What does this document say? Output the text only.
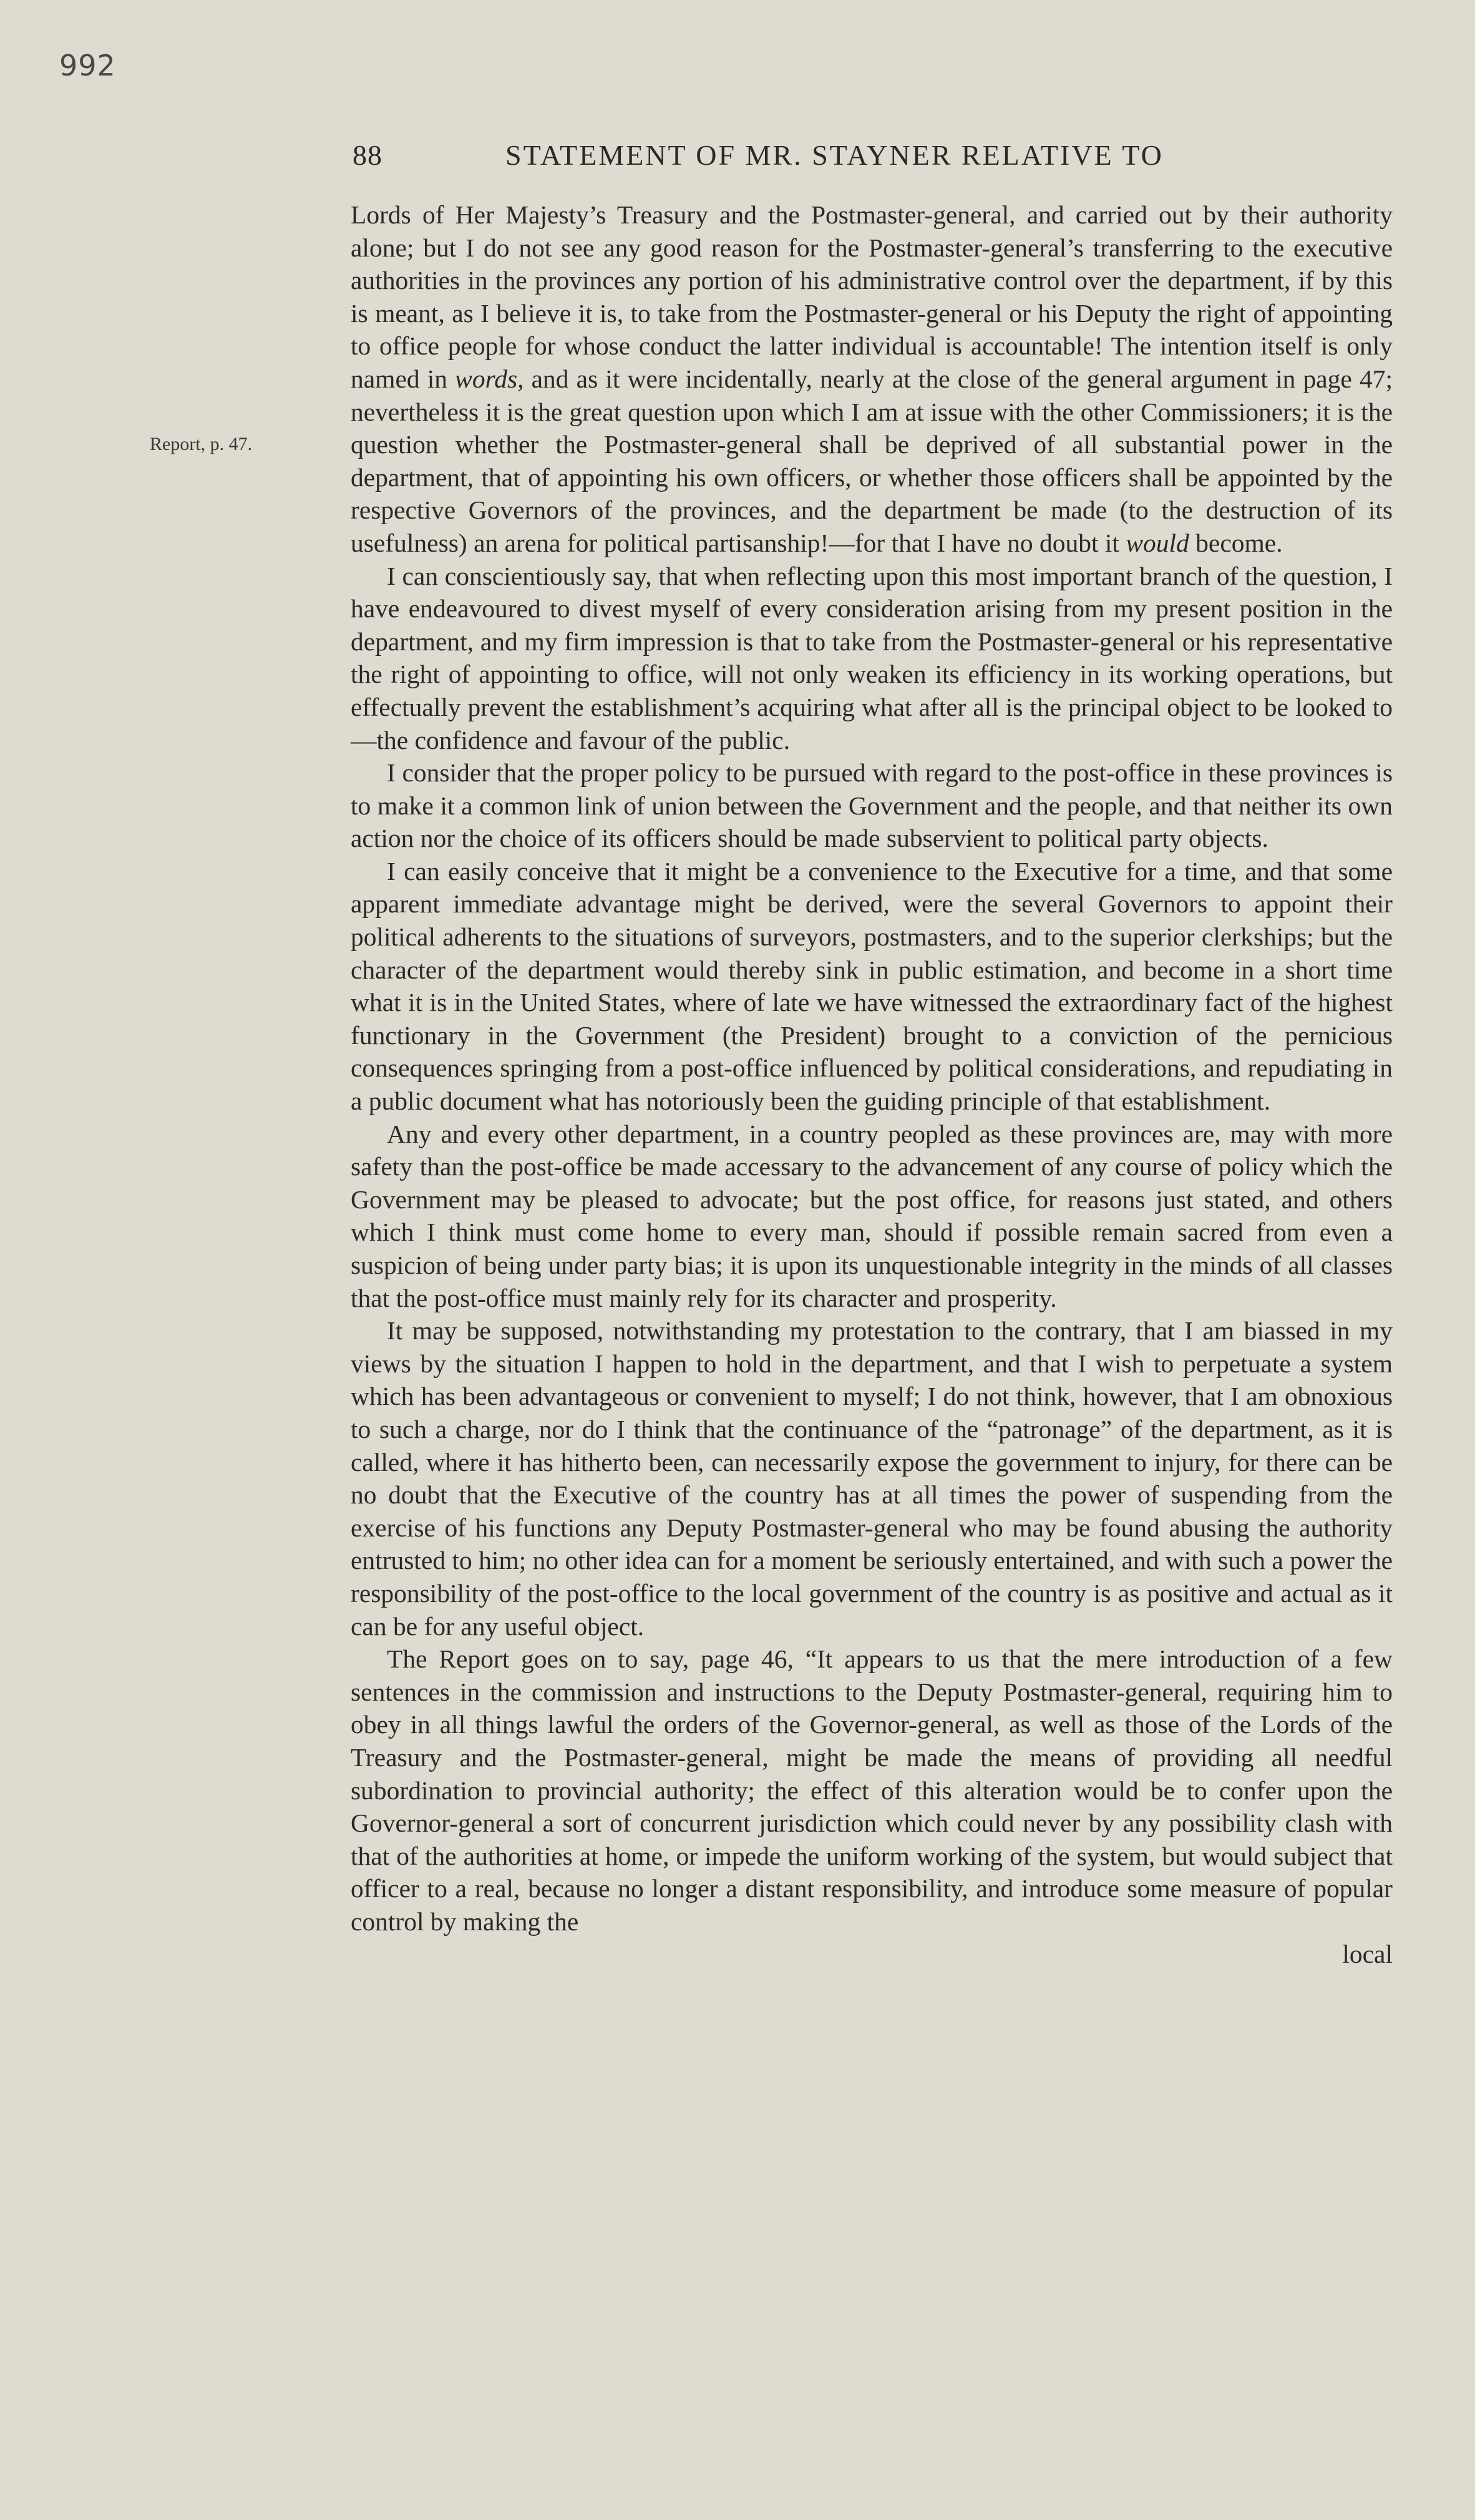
992
88	STATEMENT OF MR. STAYNER RELATIVE TO
Report, p. 47.

Lords of Her Majesty’s Treasury and the Postmaster-general, and carried out by their authority alone; but I do not see any good reason for the Postmaster-general’s transferring to the executive authorities in the provinces any portion of his administrative control over the department, if by this is meant, as I believe it is, to take from the Postmaster-general or his Deputy the right of appointing to office people for whose conduct the latter individual is accountable! The intention itself is only named in words, and as it were incidentally, nearly at the close of the general argument in page 47; nevertheless it is the great question upon which I am at issue with the other Commissioners; it is the question whether the Postmaster-general shall be deprived of all substantial power in the department, that of appointing his own officers, or whether those officers shall be appointed by the respective Governors of the provinces, and the department be made (to the destruction of its usefulness) an arena for political partisanship!—for that I have no doubt it would become.

I can conscientiously say, that when reflecting upon this most important branch of the question, I have endeavoured to divest myself of every consideration arising from my present position in the department, and my firm impression is that to take from the Postmaster-general or his representative the right of appointing to office, will not only weaken its efficiency in its working operations, but effectually prevent the establishment’s acquiring what after all is the principal object to be looked to—the confidence and favour of the public.

I consider that the proper policy to be pursued with regard to the post-office in these provinces is to make it a common link of union between the Government and the people, and that neither its own action nor the choice of its officers should be made subservient to political party objects.

I can easily conceive that it might be a convenience to the Executive for a time, and that some apparent immediate advantage might be derived, were the several Governors to appoint their political adherents to the situations of surveyors, postmasters, and to the superior clerkships; but the character of the department would thereby sink in public estimation, and become in a short time what it is in the United States, where of late we have witnessed the extraordinary fact of the highest functionary in the Government (the President) brought to a conviction of the pernicious consequences springing from a post-office influenced by political considerations, and repudiating in a public document what has notoriously been the guiding principle of that establishment.

Any and every other department, in a country peopled as these provinces are, may with more safety than the post-office be made accessary to the advancement of any course of policy which the Government may be pleased to advocate; but the post office, for reasons just stated, and others which I think must come home to every man, should if possible remain sacred from even a suspicion of being under party bias; it is upon its unquestionable integrity in the minds of all classes that the post-office must mainly rely for its character and prosperity.

It may be supposed, notwithstanding my protestation to the contrary, that I am biassed in my views by the situation I happen to hold in the department, and that I wish to perpetuate a system which has been advantageous or convenient to myself; I do not think, however, that I am obnoxious to such a charge, nor do I think that the continuance of the “patronage” of the department, as it is called, where it has hitherto been, can necessarily expose the government to injury, for there can be no doubt that the Executive of the country has at all times the power of suspending from the exercise of his functions any Deputy Postmaster-general who may be found abusing the authority entrusted to him; no other idea can for a moment be seriously entertained, and with such a power the responsibility of the post-office to the local government of the country is as positive and actual as it can be for any useful object.

The Report goes on to say, page 46, “It appears to us that the mere introduction of a few sentences in the commission and instructions to the Deputy Postmaster-general, requiring him to obey in all things lawful the orders of the Governor-general, as well as those of the Lords of the Treasury and the Postmaster-general, might be made the means of providing all needful subordination to provincial authority; the effect of this alteration would be to confer upon the Governor-general a sort of concurrent jurisdiction which could never by any possibility clash with that of the authorities at home, or impede the uniform working of the system, but would subject that officer to a real, because no longer a distant responsibility, and introduce some measure of popular control by making the

local
